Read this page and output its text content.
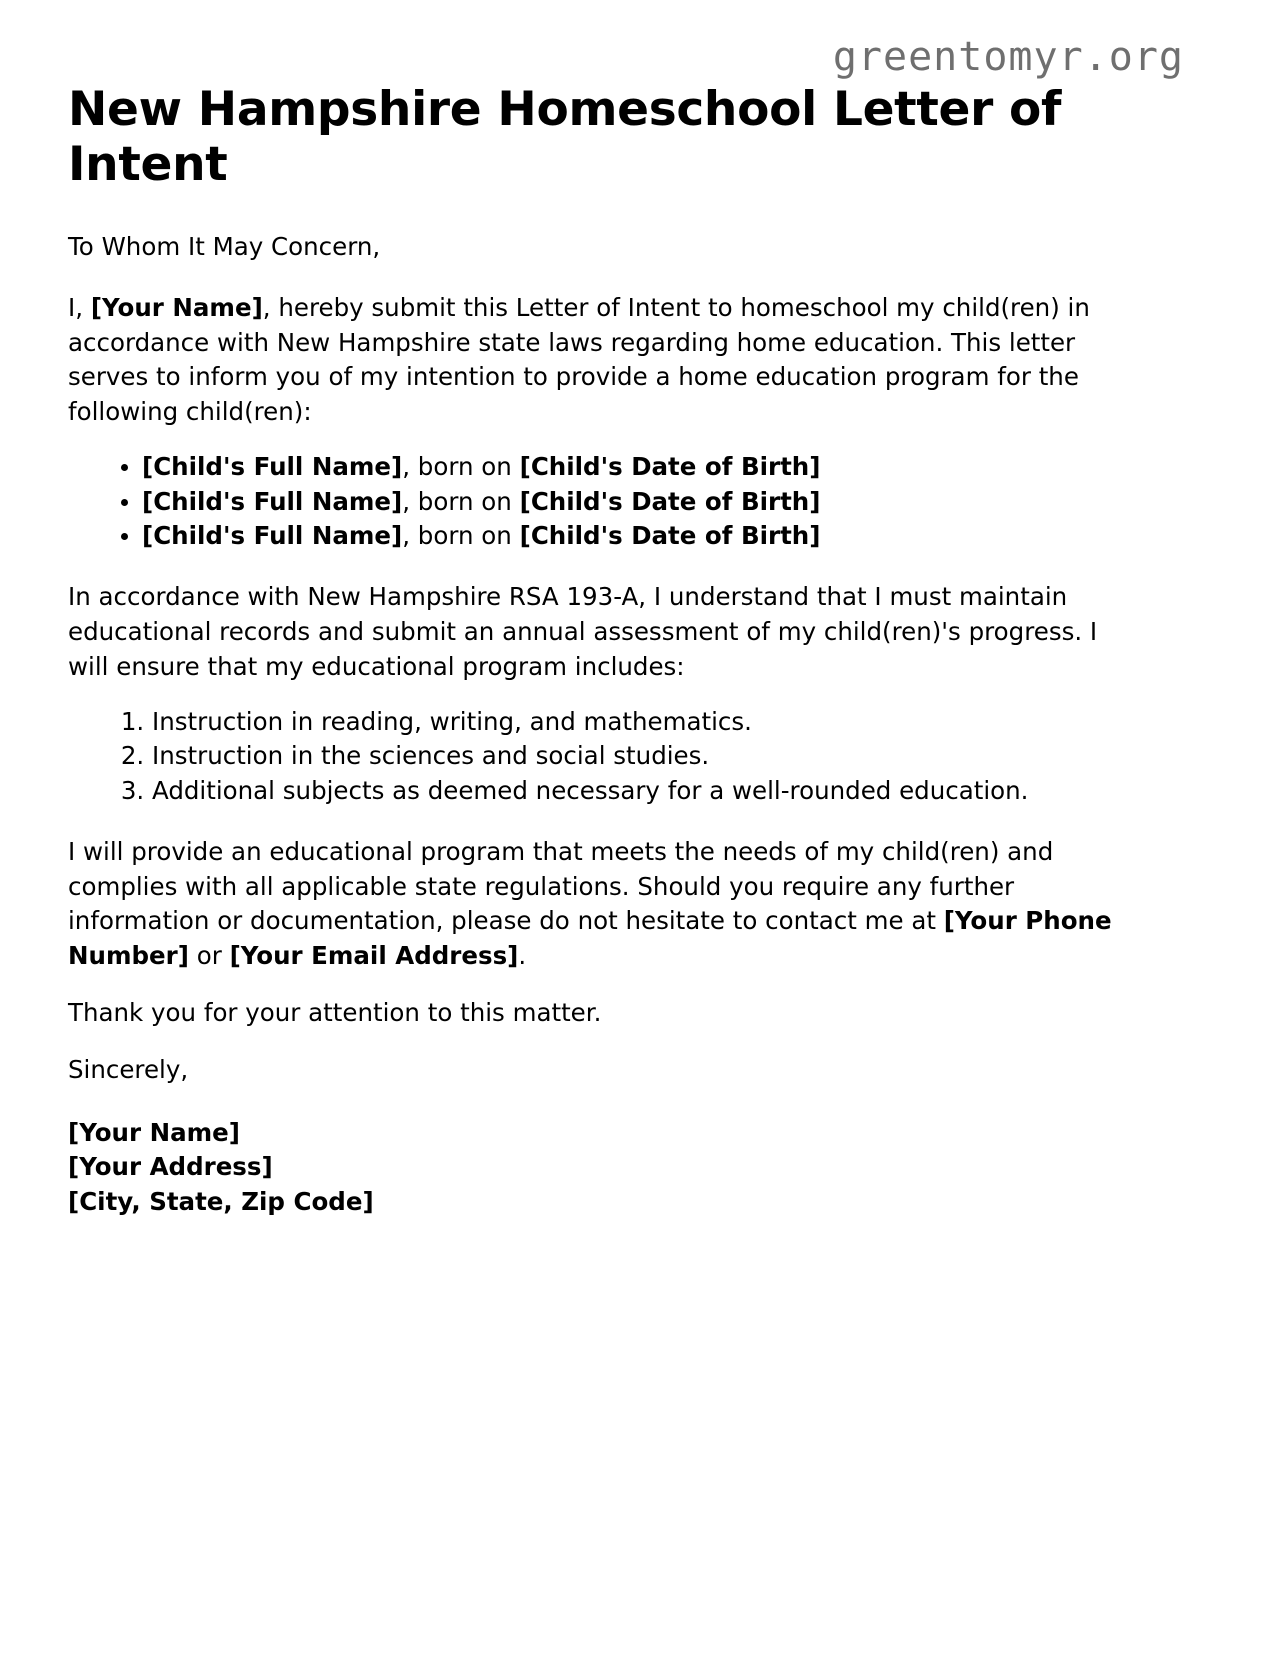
greentomyr.org
New Hampshire Homeschool Letter of Intent

To Whom It May Concern,

I, [Your Name], hereby submit this Letter of Intent to homeschool my child(ren) in accordance with New Hampshire state laws regarding home education. This letter serves to inform you of my intention to provide a home education program for the following child(ren):

• [Child's Full Name], born on [Child's Date of Birth]
• [Child's Full Name], born on [Child's Date of Birth]
• [Child's Full Name], born on [Child's Date of Birth]

In accordance with New Hampshire RSA 193-A, I understand that I must maintain educational records and submit an annual assessment of my child(ren)'s progress. I will ensure that my educational program includes:

1. Instruction in reading, writing, and mathematics.
2. Instruction in the sciences and social studies.
3. Additional subjects as deemed necessary for a well-rounded education.

I will provide an educational program that meets the needs of my child(ren) and complies with all applicable state regulations. Should you require any further information or documentation, please do not hesitate to contact me at [Your Phone Number] or [Your Email Address].

Thank you for your attention to this matter.

Sincerely,

[Your Name]
[Your Address]
[City, State, Zip Code]
